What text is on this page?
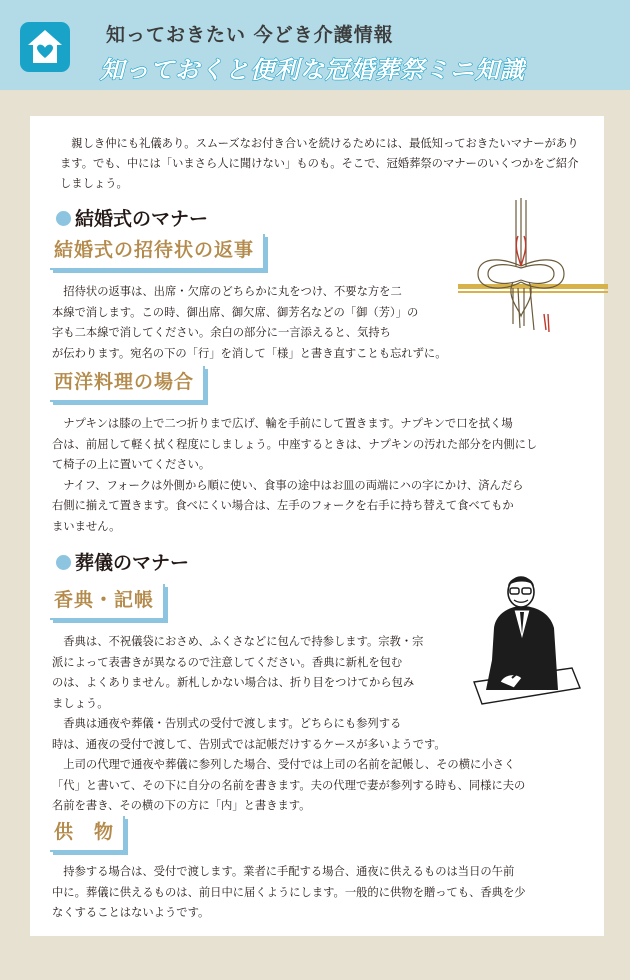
知っておきたい 今どき介護情報
知っておくと便利な冠婚葬祭ミニ知識

親しき仲にも礼儀あり。スムーズなお付き合いを続けるためには、最低知っておきたいマナーがあります。でも、中には「いまさら人に聞けない」ものも。そこで、冠婚葬祭のマナーのいくつかをご紹介しましょう。

結婚式のマナー
結婚式の招待状の返事
招待状の返事は、出席・欠席のどちらかに丸をつけ、不要な方を二
本線で消します。この時、御出席、御欠席、御芳名などの「御（芳）」の
字も二本線で消してください。余白の部分に一言添えると、気持ち
が伝わります。宛名の下の「行」を消して「様」と書き直すことも忘れずに。
西洋料理の場合
ナプキンは膝の上で二つ折りまで広げ、輪を手前にして置きます。ナプキンで口を拭く場
合は、前屈して軽く拭く程度にしましょう。中座するときは、ナプキンの汚れた部分を内側にし
て椅子の上に置いてください。
ナイフ、フォークは外側から順に使い、食事の途中はお皿の両端にハの字にかけ、済んだら
右側に揃えて置きます。食べにくい場合は、左手のフォークを右手に持ち替えて食べてもか
まいません。
葬儀のマナー
香典・記帳
香典は、不祝儀袋におさめ、ふくさなどに包んで持参します。宗教・宗
派によって表書きが異なるので注意してください。香典に新札を包む
のは、よくありません。新札しかない場合は、折り目をつけてから包み
ましょう。
香典は通夜や葬儀・告別式の受付で渡します。どちらにも参列する
時は、通夜の受付で渡して、告別式では記帳だけするケースが多いようです。
上司の代理で通夜や葬儀に参列した場合、受付では上司の名前を記帳し、その横に小さく
「代」と書いて、その下に自分の名前を書きます。夫の代理で妻が参列する時も、同様に夫の
名前を書き、その横の下の方に「内」と書きます。
供　物
持参する場合は、受付で渡します。業者に手配する場合、通夜に供えるものは当日の午前
中に。葬儀に供えるものは、前日中に届くようにします。一般的に供物を贈っても、香典を少
なくすることはないようです。
